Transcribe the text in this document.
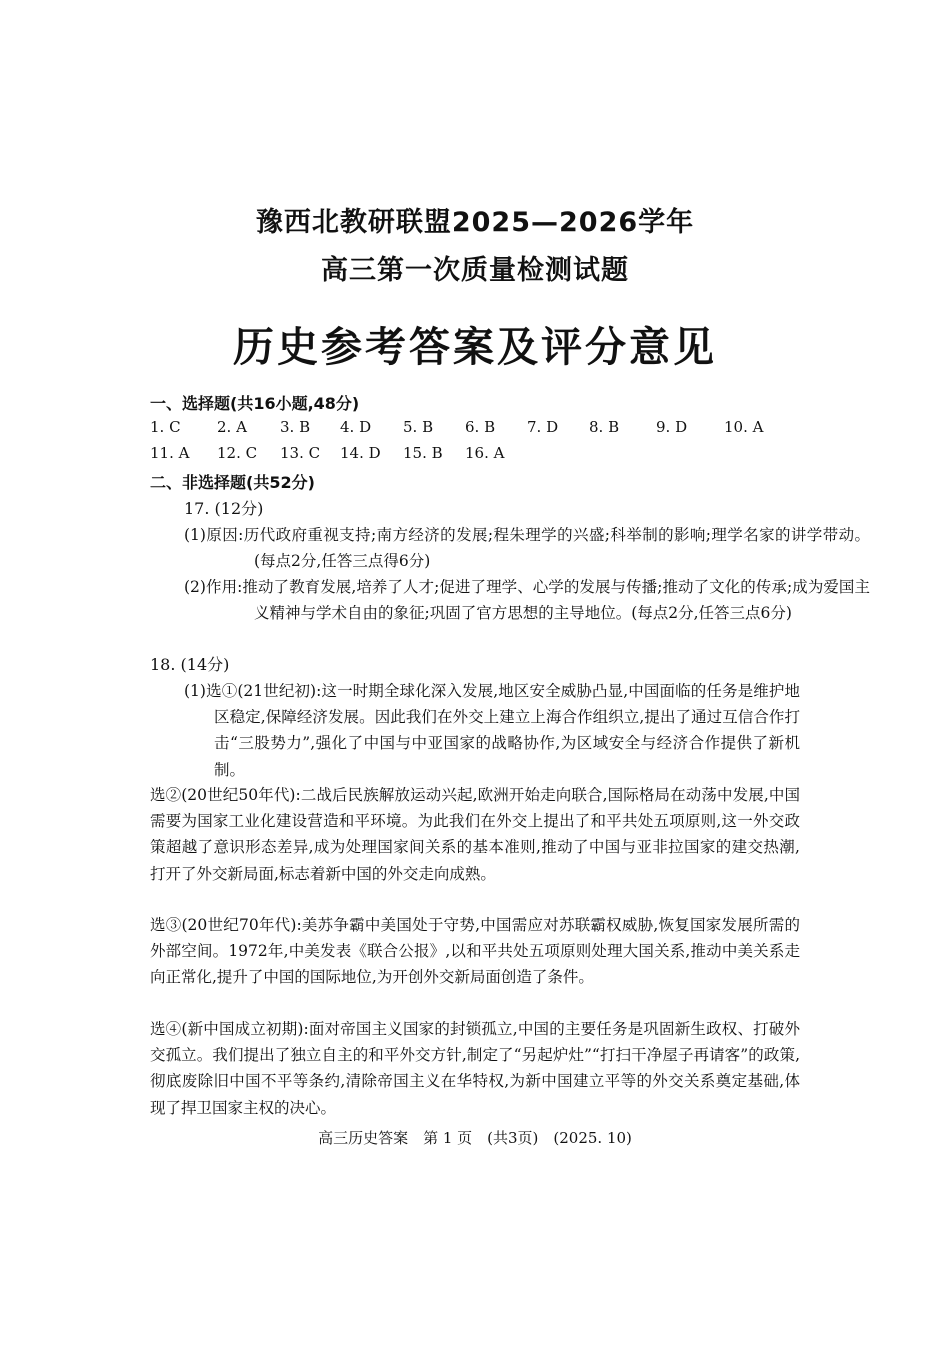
豫西北教研联盟2025—2026学年
高三第一次质量检测试题
历史参考答案及评分意见
一、选择题(共16小题,48分)
1. C 2. A 3. B 4. D 5. B 6. B 7. D 8. B 9. D 10. A
11. A 12. C 13. C 14. D 15. B 16. A
二、非选择题(共52分)
17. (12分)
(1)原因:历代政府重视支持;南方经济的发展;程朱理学的兴盛;科举制的影响;理学名家的讲学带动。(每点2分,任答三点得6分)
(2)作用:推动了教育发展,培养了人才;促进了理学、心学的发展与传播;推动了文化的传承;成为爱国主义精神与学术自由的象征;巩固了官方思想的主导地位。(每点2分,任答三点6分)
18. (14分)
(1)选①(21世纪初):这一时期全球化深入发展,地区安全威胁凸显,中国面临的任务是维护地区稳定,保障经济发展。因此我们在外交上建立上海合作组织立,提出了通过互信合作打击“三股势力”,强化了中国与中亚国家的战略协作,为区域安全与经济合作提供了新机制。
选②(20世纪50年代):二战后民族解放运动兴起,欧洲开始走向联合,国际格局在动荡中发展,中国需要为国家工业化建设营造和平环境。为此我们在外交上提出了和平共处五项原则,这一外交政策超越了意识形态差异,成为处理国家间关系的基本准则,推动了中国与亚非拉国家的建交热潮,打开了外交新局面,标志着新中国的外交走向成熟。
选③(20世纪70年代):美苏争霸中美国处于守势,中国需应对苏联霸权威胁,恢复国家发展所需的外部空间。1972年,中美发表《联合公报》,以和平共处五项原则处理大国关系,推动中美关系走向正常化,提升了中国的国际地位,为开创外交新局面创造了条件。
选④(新中国成立初期):面对帝国主义国家的封锁孤立,中国的主要任务是巩固新生政权、打破外交孤立。我们提出了独立自主的和平外交方针,制定了“另起炉灶”“打扫干净屋子再请客”的政策,彻底废除旧中国不平等条约,清除帝国主义在华特权,为新中国建立平等的外交关系奠定基础,体现了捍卫国家主权的决心。
高三历史答案　第 1 页　(共3页)　(2025. 10)
